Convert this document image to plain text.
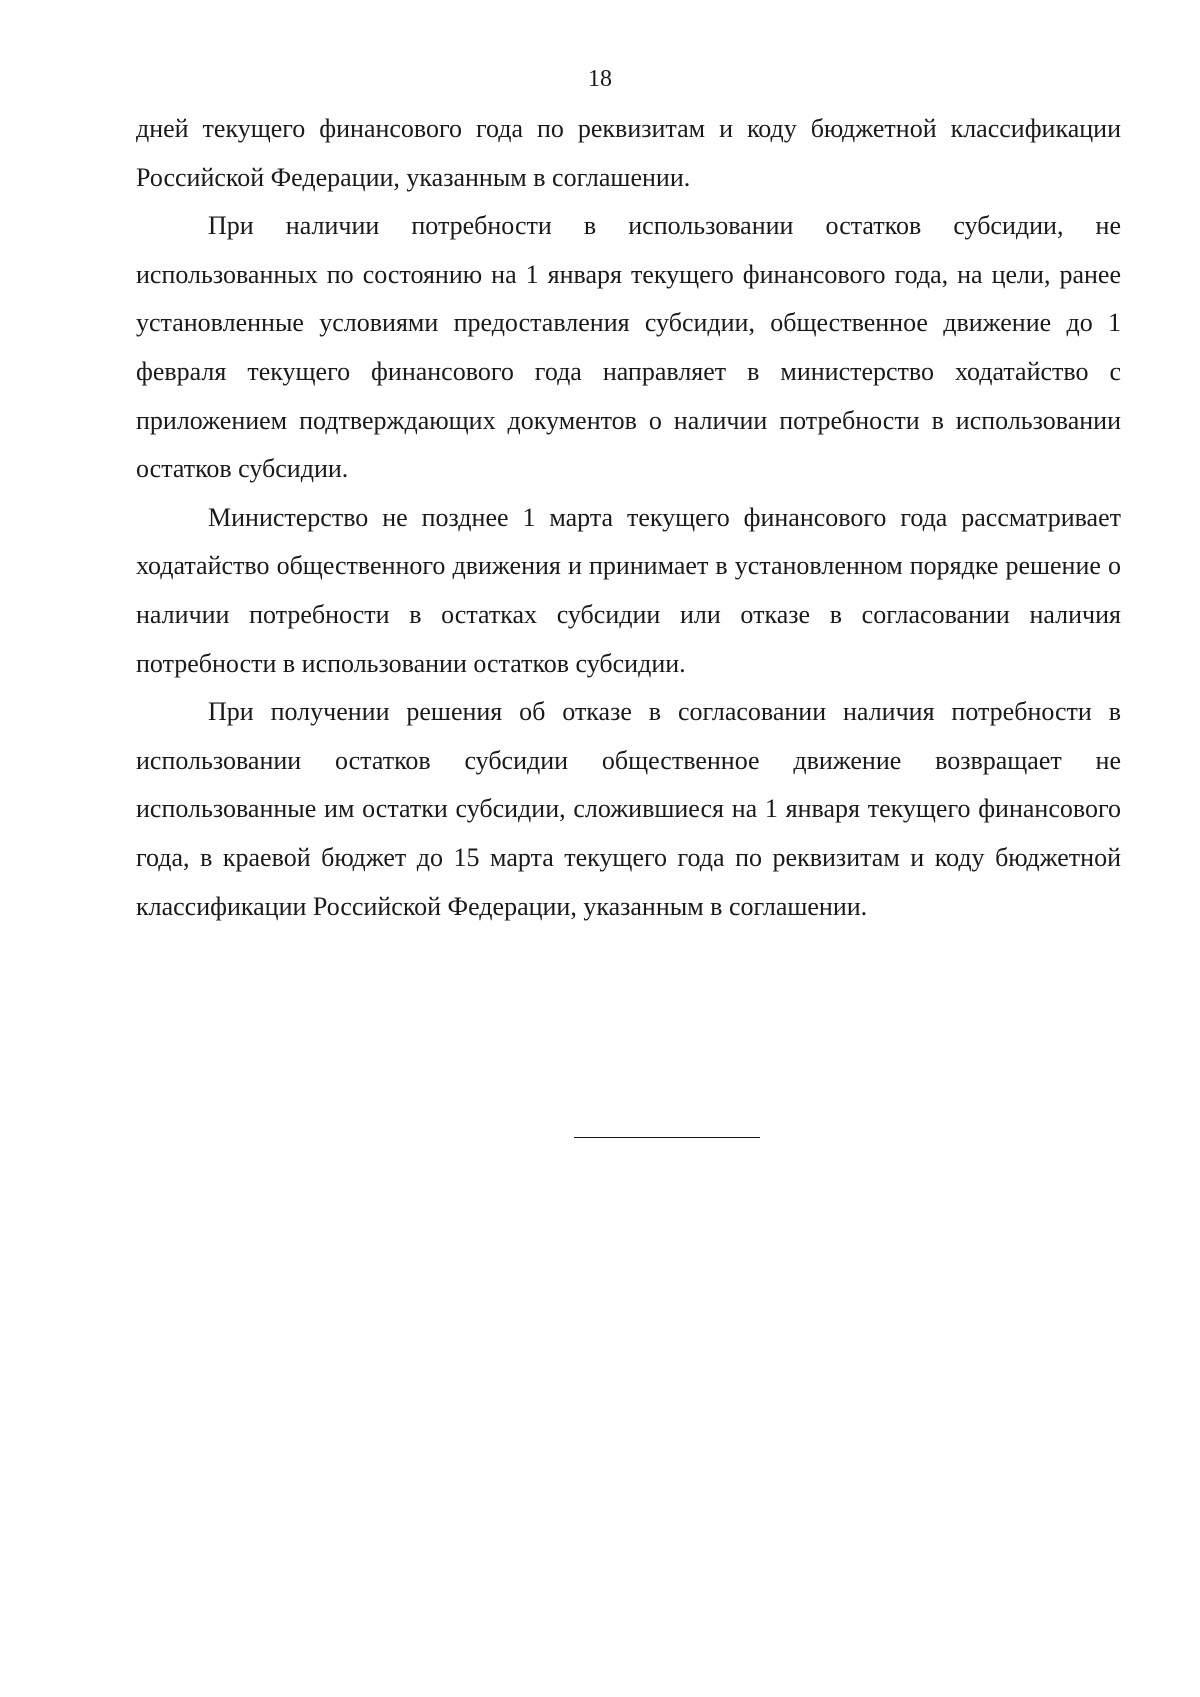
18

дней текущего финансового года по реквизитам и коду бюджетной классификации Российской Федерации, указанным в соглашении.

При наличии потребности в использовании остатков субсидии, не использованных по состоянию на 1 января текущего финансового года, на цели, ранее установленные условиями предоставления субсидии, общественное движение до 1 февраля текущего финансового года направляет в министерство ходатайство с приложением подтверждающих документов о наличии потребности в использовании остатков субсидии.

Министерство не позднее 1 марта текущего финансового года рассматривает ходатайство общественного движения и принимает в установленном порядке решение о наличии потребности в остатках субсидии или отказе в согласовании наличия потребности в использовании остатков субсидии.

При получении решения об отказе в согласовании наличия потребности в использовании остатков субсидии общественное движение возвращает не использованные им остатки субсидии, сложившиеся на 1 января текущего финансового года, в краевой бюджет до 15 марта текущего года по реквизитам и коду бюджетной классификации Российской Федерации, указанным в соглашении.
